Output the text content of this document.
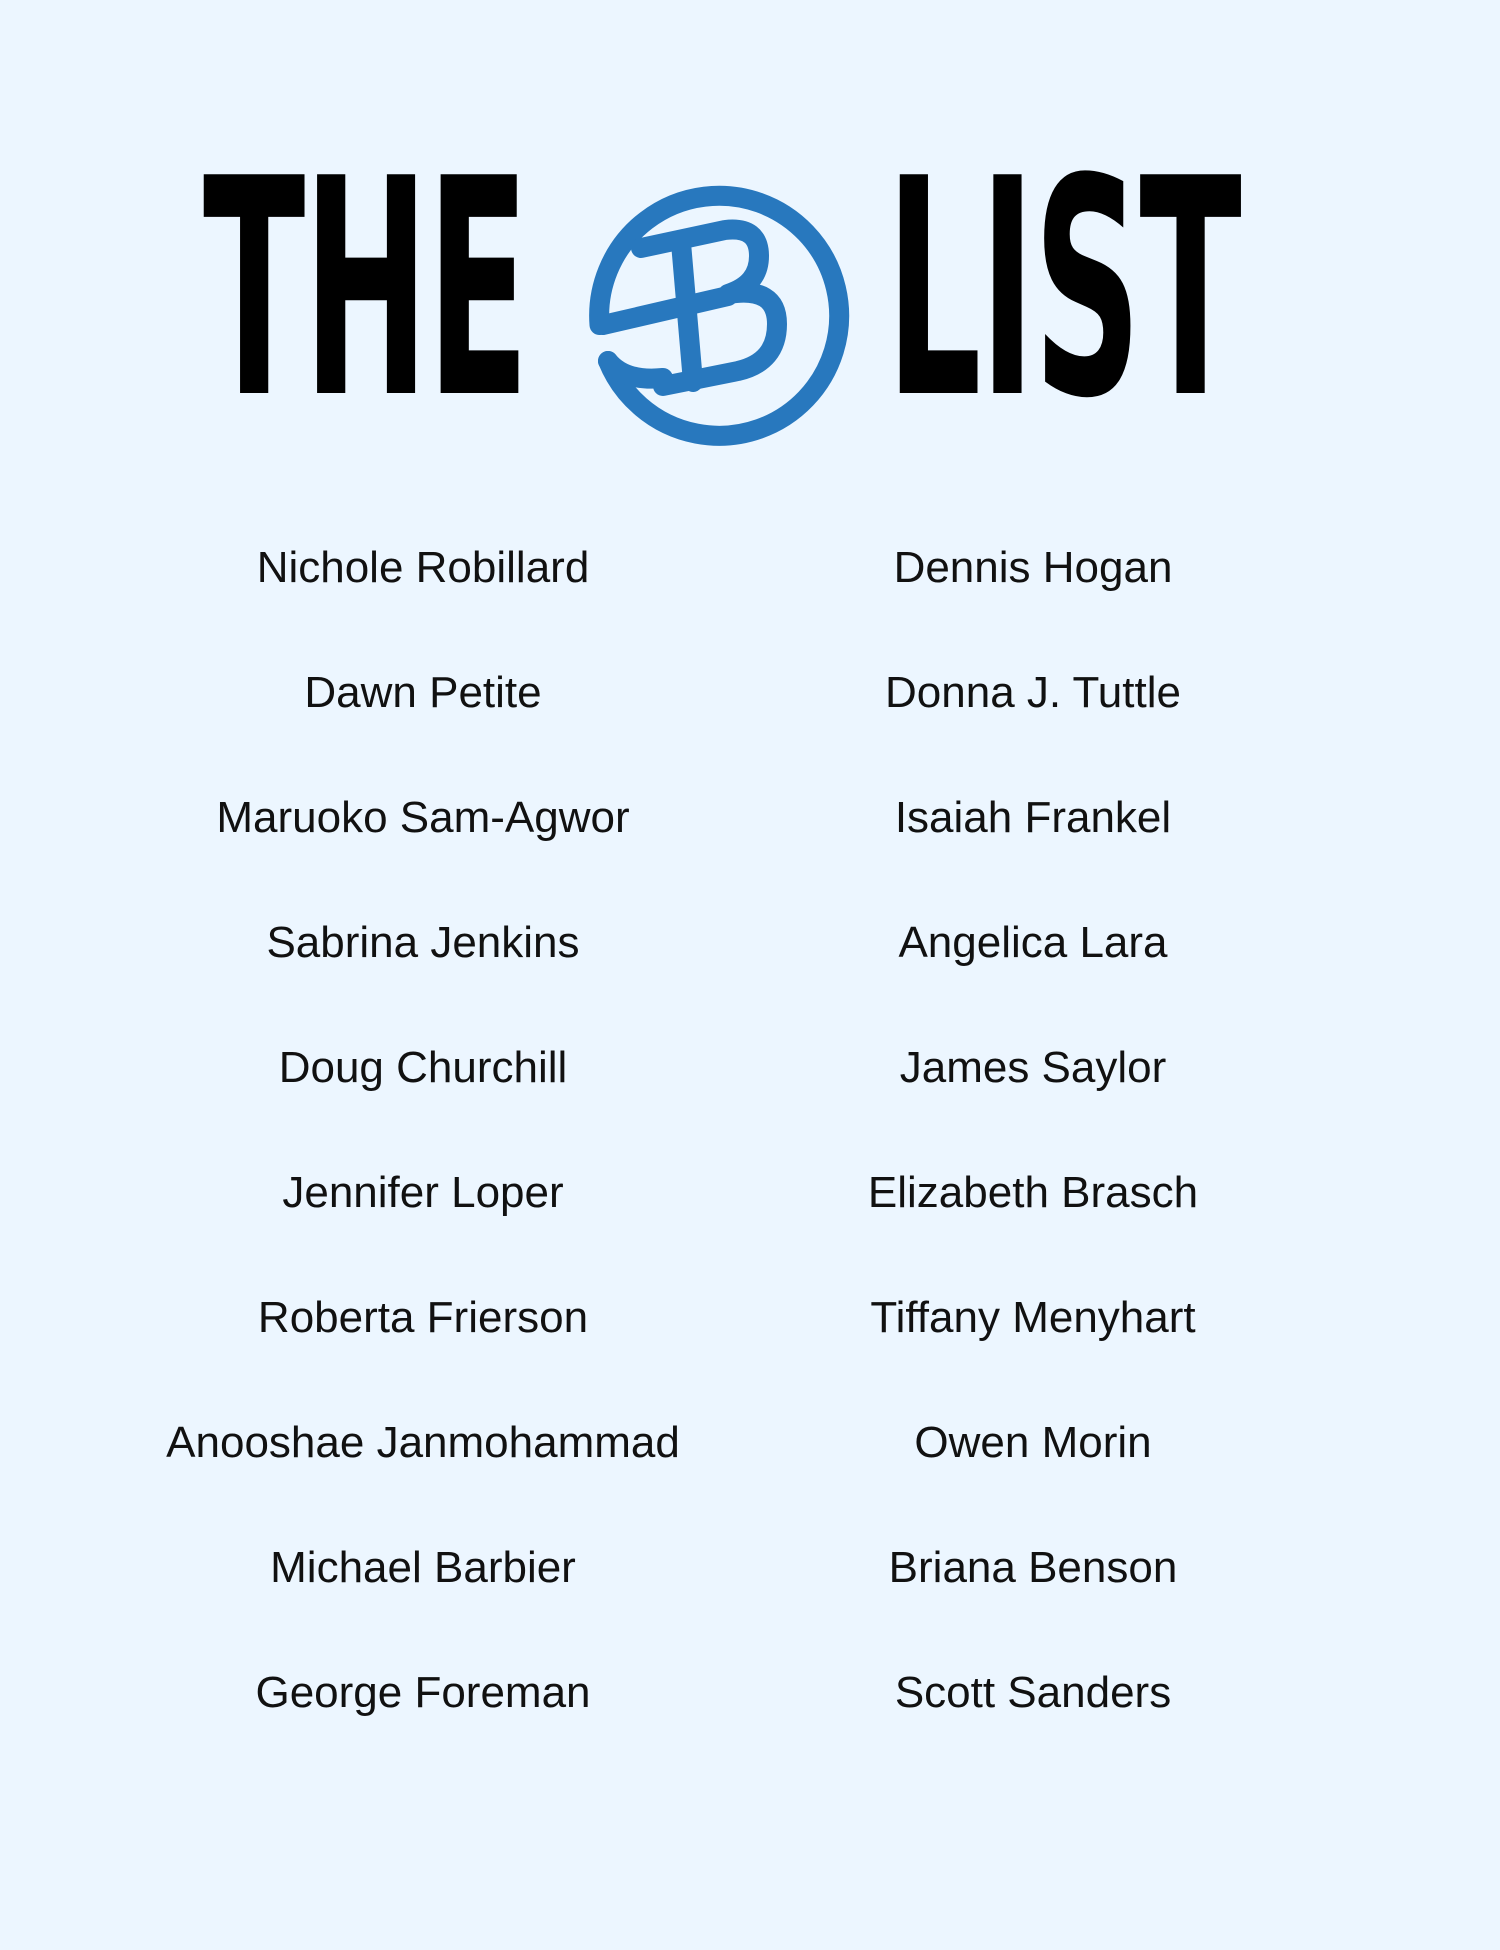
THE LIST
Nichole Robillard
Dawn Petite
Maruoko Sam-Agwor
Sabrina Jenkins
Doug Churchill
Jennifer Loper
Roberta Frierson
Anooshae Janmohammad
Michael Barbier
George Foreman
Dennis Hogan
Donna J. Tuttle
Isaiah Frankel
Angelica Lara
James Saylor
Elizabeth Brasch
Tiffany Menyhart
Owen Morin
Briana Benson
Scott Sanders
